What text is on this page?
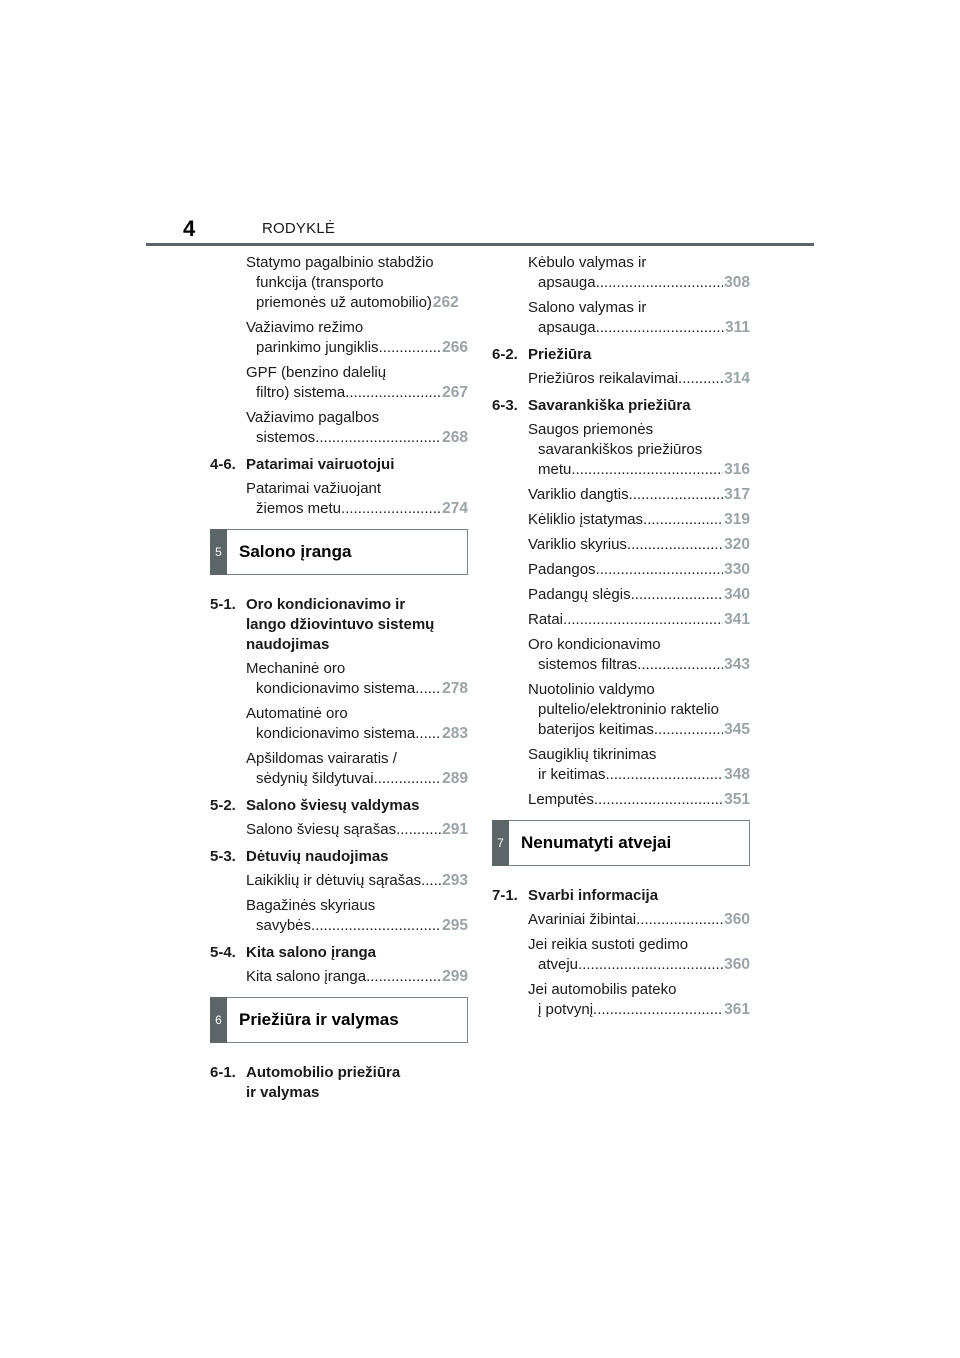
4	RODYKLĖ
Statymo pagalbinio stabdžio
funkcija (transporto
priemonės už automobilio) 262
Važiavimo režimo
parinkimo jungiklis .....	266
GPF (benzino dalelių
filtro) sistema .....	267
Važiavimo pagalbos
sistemos .....	268
4-6. Patarimai vairuotojui
Patarimai važiuojant
žiemos metu .....	274
5	Salono įranga
5-1. Oro kondicionavimo ir
lango džiovintuvo sistemų
naudojimas
Mechaninė oro
kondicionavimo sistema ..... 278
Automatinė oro
kondicionavimo sistema ..... 283
Apšildomas vairaratis /
sėdynių šildytuvai .....	289
5-2. Salono šviesų valdymas
Salono šviesų sąrašas .....	291
5-3. Dėtuvių naudojimas
Laikiklių ir dėtuvių sąrašas ..... 293
Bagažinės skyriaus
savybės .....	295
5-4. Kita salono įranga
Kita salono įranga .....	299
6	Priežiūra ir valymas
6-1. Automobilio priežiūra
ir valymas
Kėbulo valymas ir
apsauga .....	308
Salono valymas ir
apsauga .....	311
6-2. Priežiūra
Priežiūros reikalavimai .....	314
6-3. Savarankiška priežiūra
Saugos priemonės
savarankiškos priežiūros
metu .....	316
Variklio dangtis .....	317
Kėliklio įstatymas .....	319
Variklio skyrius .....	320
Padangos .....	330
Padangų slėgis .....	340
Ratai .....	341
Oro kondicionavimo
sistemos filtras .....	343
Nuotolinio valdymo
pultelio/elektroninio raktelio
baterijos keitimas .....	345
Saugiklių tikrinimas
ir keitimas .....	348
Lemputės .....	351
7	Nenumatyti atvejai
7-1. Svarbi informacija
Avariniai žibintai .....	360
Jei reikia sustoti gedimo
atveju .....	360
Jei automobilis pateko
į potvynį .....	361
